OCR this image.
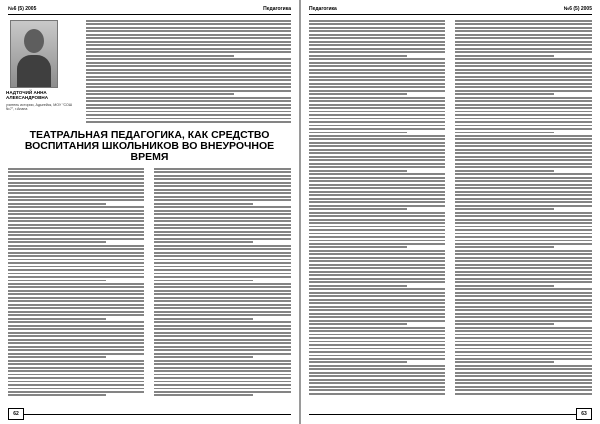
№6 (5) 2005	Педагогика
НАДТОЧИЙ АННА АЛЕКСАНДРОВНА
учитель истории, Адыгейск, МОУ "СОШ №7", г.Анапа
ТЕАТРАЛЬНАЯ ПЕДАГОГИКА, КАК СРЕДСТВО ВОСПИТАНИЯ ШКОЛЬНИКОВ ВО ВНЕУРОЧНОЕ ВРЕМЯ
62
Педагогика	№6 (5) 2005
63
